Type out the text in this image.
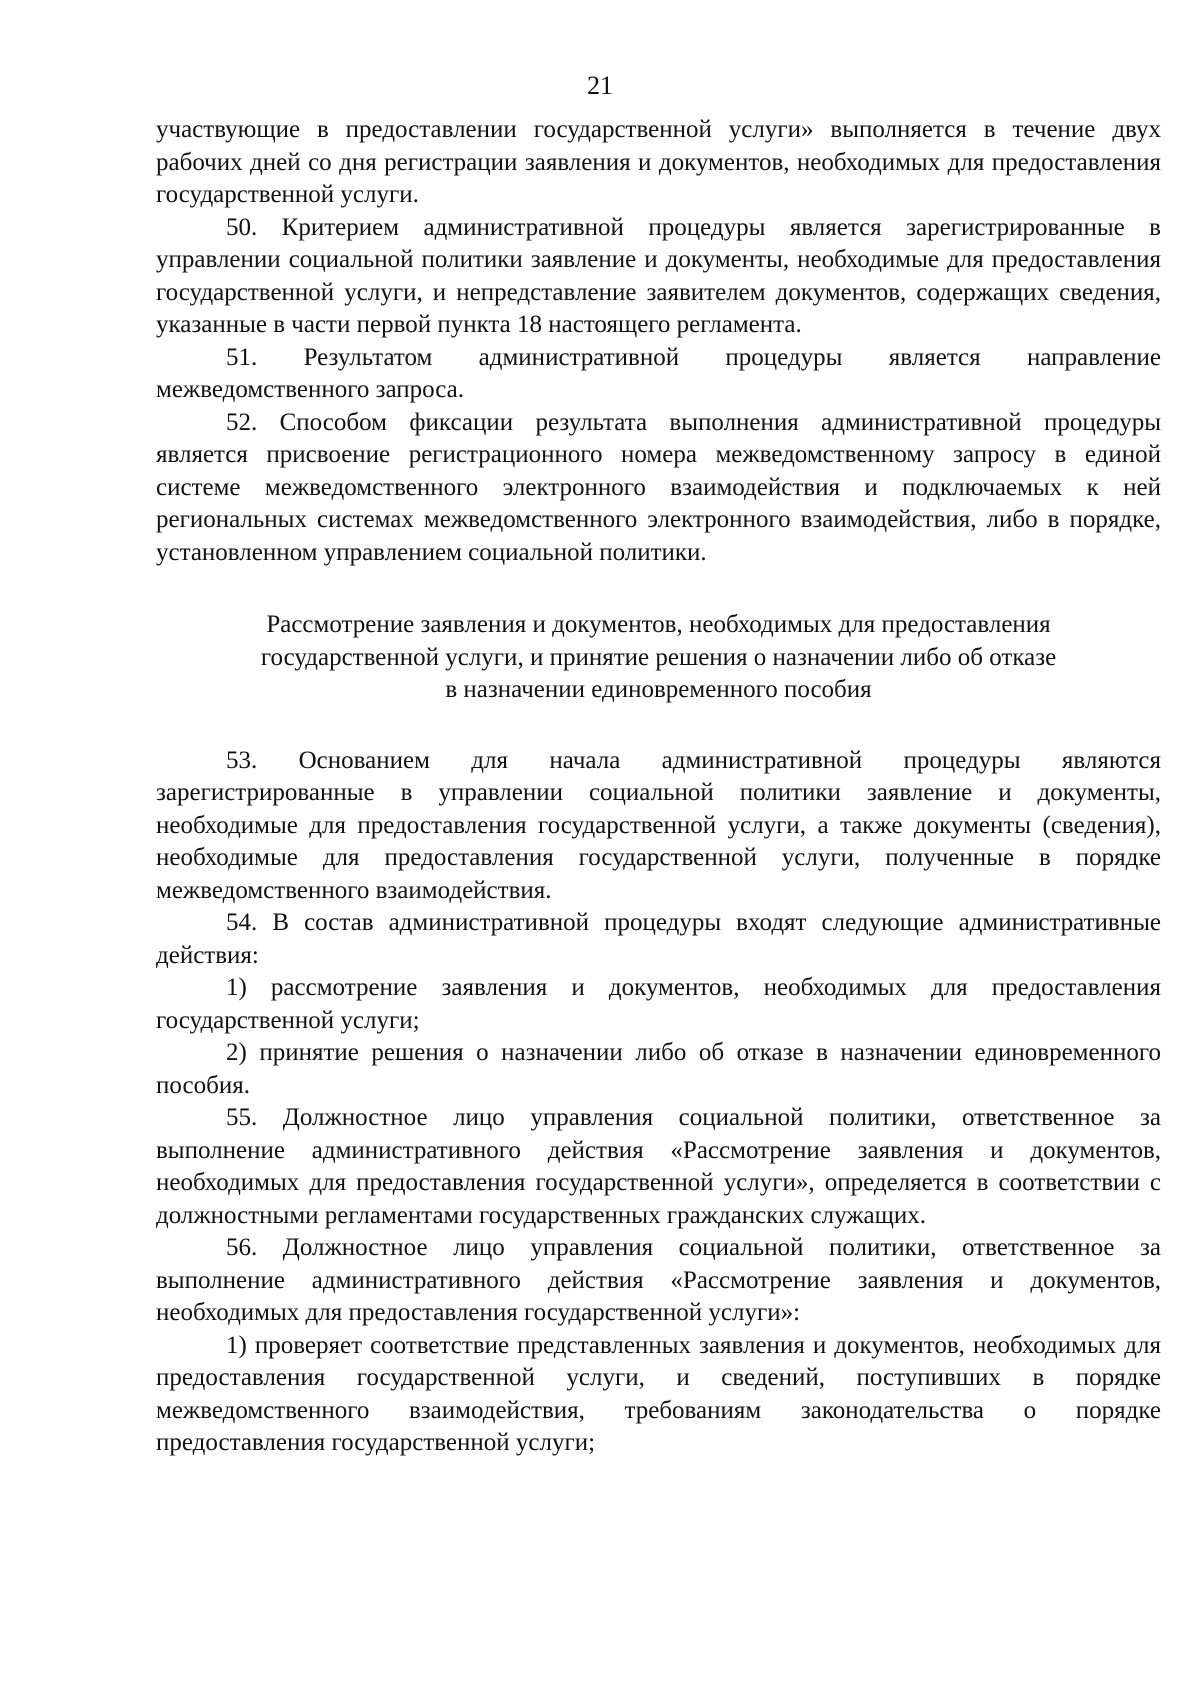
21

участвующие в предоставлении государственной услуги» выполняется в течение двух рабочих дней со дня регистрации заявления и документов, необходимых для предоставления государственной услуги.

50. Критерием административной процедуры является зарегистрированные в управлении социальной политики заявление и документы, необходимые для предоставления государственной услуги, и непредставление заявителем документов, содержащих сведения, указанные в части первой пункта 18 настоящего регламента.

51. Результатом административной процедуры является направление межведомственного запроса.

52. Способом фиксации результата выполнения административной процедуры является присвоение регистрационного номера межведомственному запросу в единой системе межведомственного электронного взаимодействия и подключаемых к ней региональных системах межведомственного электронного взаимодействия, либо в порядке, установленном управлением социальной политики.

Рассмотрение заявления и документов, необходимых для предоставления
государственной услуги, и принятие решения о назначении либо об отказе
в назначении единовременного пособия

53. Основанием для начала административной процедуры являются зарегистрированные в управлении социальной политики заявление и документы, необходимые для предоставления государственной услуги, а также документы (сведения), необходимые для предоставления государственной услуги, полученные в порядке межведомственного взаимодействия.

54. В состав административной процедуры входят следующие административные действия:

1) рассмотрение заявления и документов, необходимых для предоставления государственной услуги;

2) принятие решения о назначении либо об отказе в назначении единовременного пособия.

55. Должностное лицо управления социальной политики, ответственное за выполнение административного действия «Рассмотрение заявления и документов, необходимых для предоставления государственной услуги», определяется в соответствии с должностными регламентами государственных гражданских служащих.

56. Должностное лицо управления социальной политики, ответственное за выполнение административного действия «Рассмотрение заявления и документов, необходимых для предоставления государственной услуги»:

1) проверяет соответствие представленных заявления и документов, необходимых для предоставления государственной услуги, и сведений, поступивших в порядке межведомственного взаимодействия, требованиям законодательства о порядке предоставления государственной услуги;
